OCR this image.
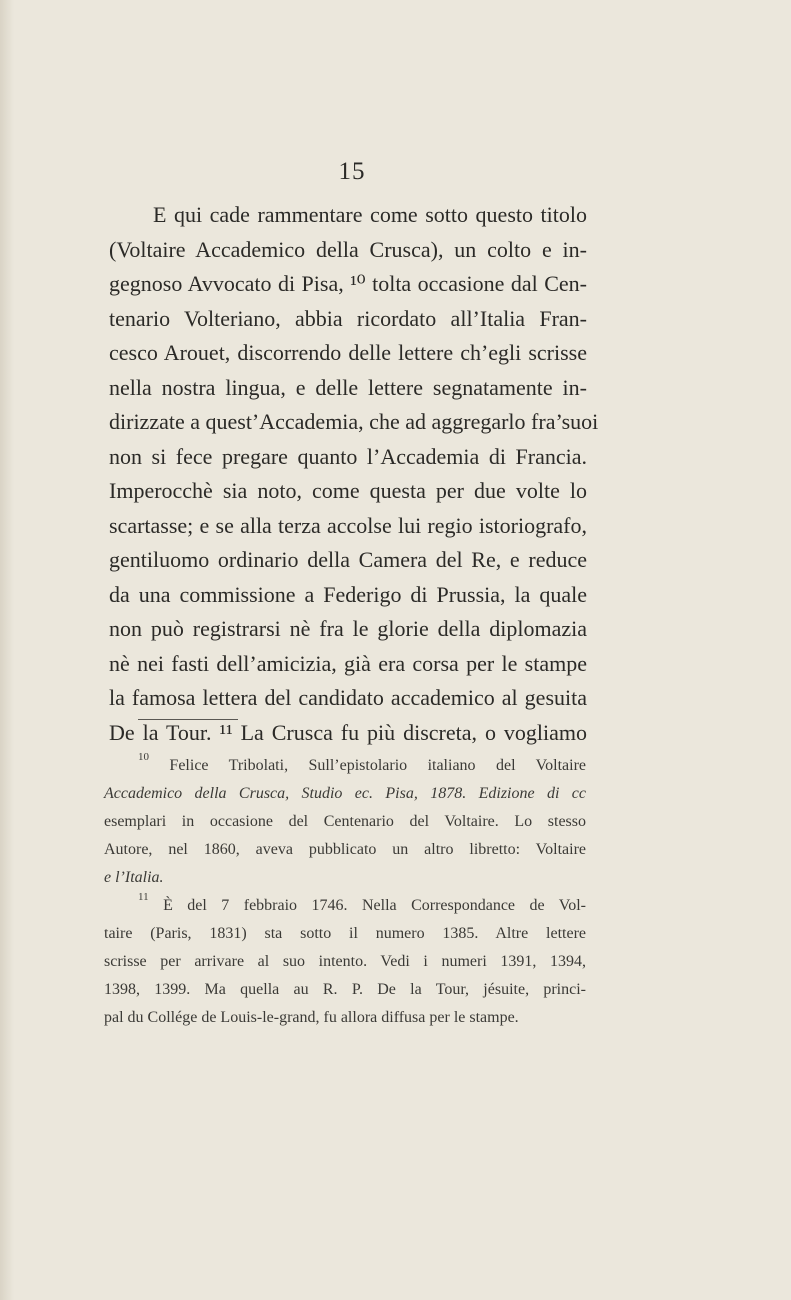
15
E qui cade rammentare come sotto questo titolo
(Voltaire Accademico della Crusca), un colto e in-
gegnoso Avvocato di Pisa, ¹⁰ tolta occasione dal Cen-
tenario Volteriano, abbia ricordato all’Italia Fran-
cesco Arouet, discorrendo delle lettere ch’egli scrisse
nella nostra lingua, e delle lettere segnatamente in-
dirizzate a quest’Accademia, che ad aggregarlo fra’suoi
non si fece pregare quanto l’Accademia di Francia.
Imperocchè sia noto, come questa per due volte lo
scartasse; e se alla terza accolse lui regio istoriografo,
gentiluomo ordinario della Camera del Re, e reduce
da una commissione a Federigo di Prussia, la quale
non può registrarsi nè fra le glorie della diplomazia
nè nei fasti dell’amicizia, già era corsa per le stampe
la famosa lettera del candidato accademico al gesuita
De la Tour. ¹¹ La Crusca fu più discreta, o vogliamo
$^{10}$ Felice Tribolati, Sull’epistolario italiano del Voltaire
Accademico della Crusca, Studio ec. Pisa, 1878. Edizione di cc
esemplari in occasione del Centenario del Voltaire. Lo stesso
Autore, nel 1860, aveva pubblicato un altro libretto: Voltaire
e l’Italia.
$^{11}$ È del 7 febbraio 1746. Nella Correspondance de Vol-
taire (Paris, 1831) sta sotto il numero 1385. Altre lettere
scrisse per arrivare al suo intento. Vedi i numeri 1391, 1394,
1398, 1399. Ma quella au R. P. De la Tour, jésuite, princi-
pal du Collége de Louis-le-grand, fu allora diffusa per le stampe.
